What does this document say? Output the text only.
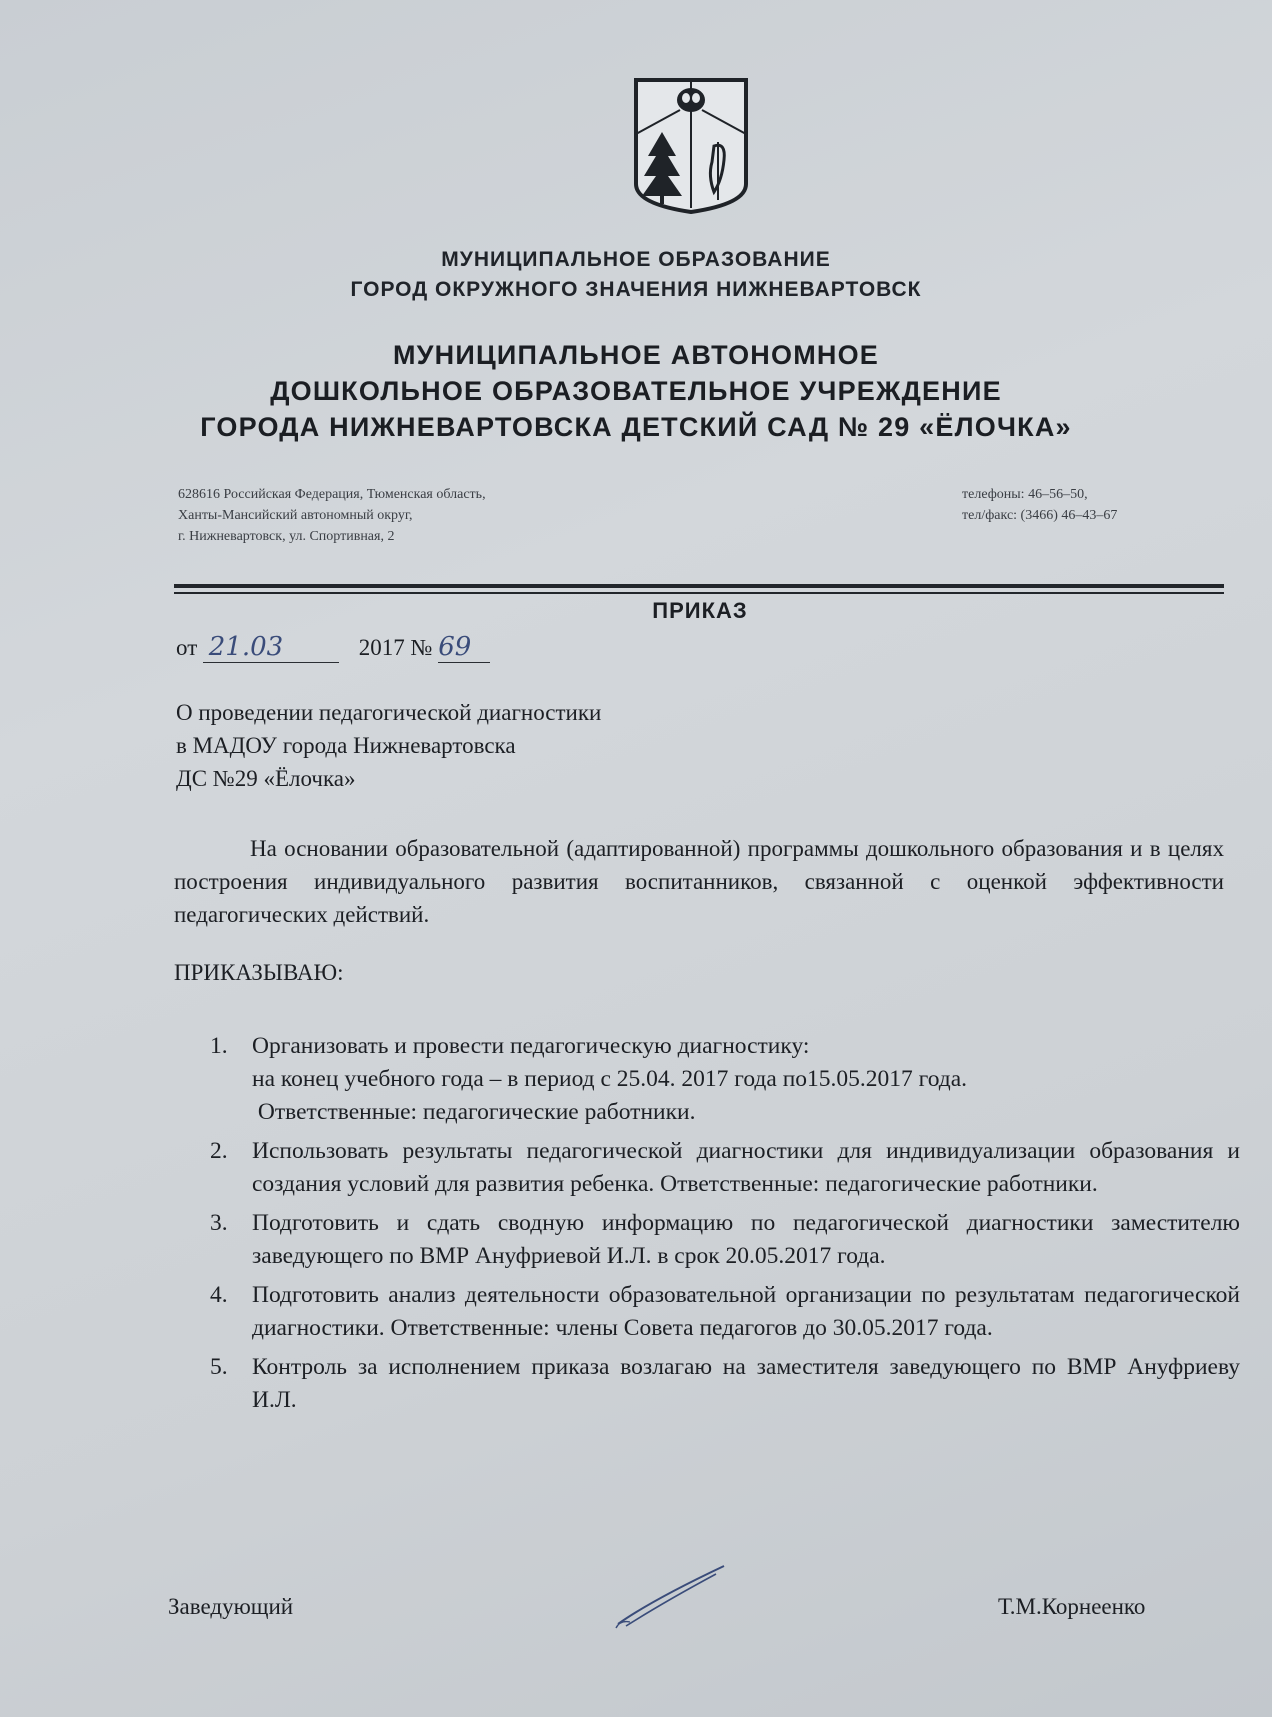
МУНИЦИПАЛЬНОЕ ОБРАЗОВАНИЕ
ГОРОД ОКРУЖНОГО ЗНАЧЕНИЯ НИЖНЕВАРТОВСК
МУНИЦИПАЛЬНОЕ АВТОНОМНОЕ
ДОШКОЛЬНОЕ ОБРАЗОВАТЕЛЬНОЕ УЧРЕЖДЕНИЕ
ГОРОДА НИЖНЕВАРТОВСКА ДЕТСКИЙ САД № 29 «ЁЛОЧКА»
628616 Российская Федерация, Тюменская область,
Ханты-Мансийский автономный округ,
г. Нижневартовск, ул. Спортивная, 2
телефоны: 46–56–50,
тел/факс: (3466) 46–43–67
ПРИКАЗ
от 21.03	2017 № 69
О проведении педагогической диагностики
в МАДОУ города Нижневартовска
ДС №29 «Ёлочка»
На основании образовательной (адаптированной) программы дошкольного образования и в целях построения индивидуального развития воспитанников, связанной с оценкой эффективности педагогических действий.
ПРИКАЗЫВАЮ:
1. Организовать и провести педагогическую диагностику:
на конец учебного года – в период с 25.04. 2017 года по15.05.2017 года.
Ответственные: педагогические работники.
2. Использовать результаты педагогической диагностики для индивидуализации образования и создания условий для развития ребенка. Ответственные: педагогические работники.
3. Подготовить и сдать сводную информацию по педагогической диагностики заместителю заведующего по ВМР Ануфриевой И.Л. в срок 20.05.2017 года.
4. Подготовить анализ деятельности образовательной организации по результатам педагогической диагностики. Ответственные: члены Совета педагогов до 30.05.2017 года.
5. Контроль за исполнением приказа возлагаю на заместителя заведующего по ВМР Ануфриеву И.Л.
Заведующий	Т.М.Корнеенко
